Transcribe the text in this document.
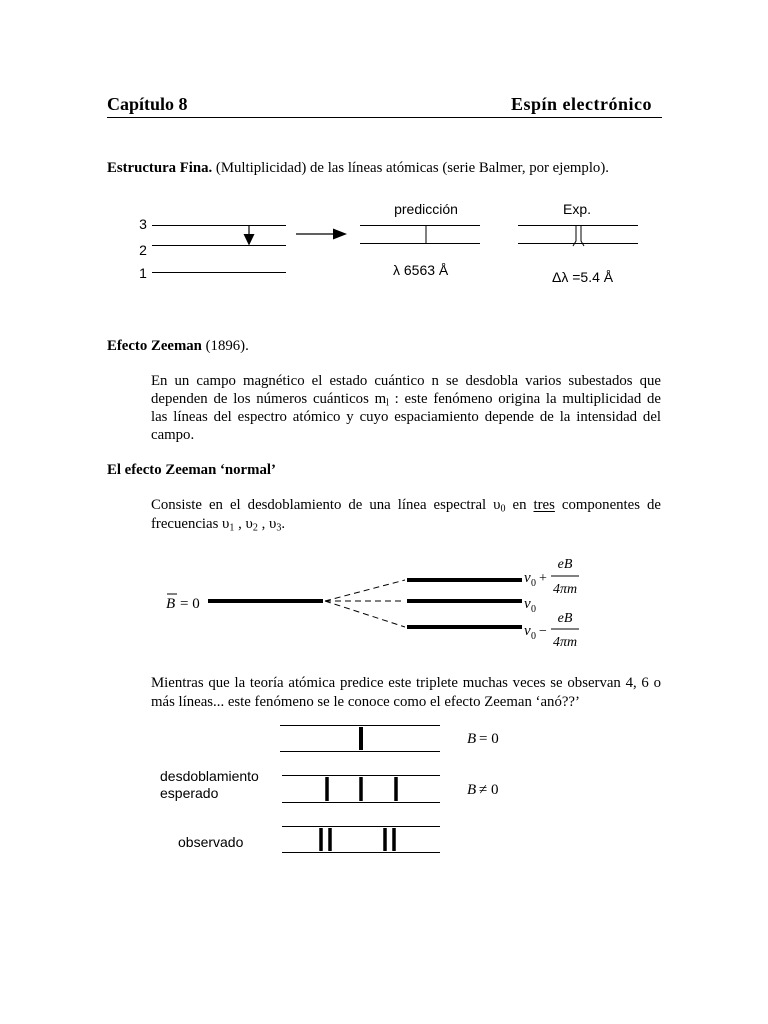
Capítulo 8	Espín electrónico
Estructura Fina. (Multiplicidad) de las líneas atómicas (serie Balmer, por ejemplo).
3
2
1
predicción
λ 6563 Å
Exp.
Δλ =5.4 Å
Efecto Zeeman (1896).
En un campo magnético el estado cuántico n se desdobla varios subestados que
dependen de los números cuánticos $m_l$ : este fenómeno origina la multiplicidad de
las líneas del espectro atómico y cuyo espaciamiento depende de la intensidad del
campo.
El efecto Zeeman ‘normal’
Consiste en el desdoblamiento de una línea espectral $\upsilon_0$ en tres componentes de
frecuencias $\upsilon_1$ , $\upsilon_2$ , $\upsilon_3$.
B = 0
ν 0 +
eB
4πm
ν 0
ν 0 −
eB
4πm
Mientras que la teoría atómica predice este triplete muchas veces se observan 4, 6 o
más líneas... este fenómeno se le conoce como el efecto Zeeman ‘anó??’
B = 0
desdoblamiento
esperado	B ≠ 0
observado
